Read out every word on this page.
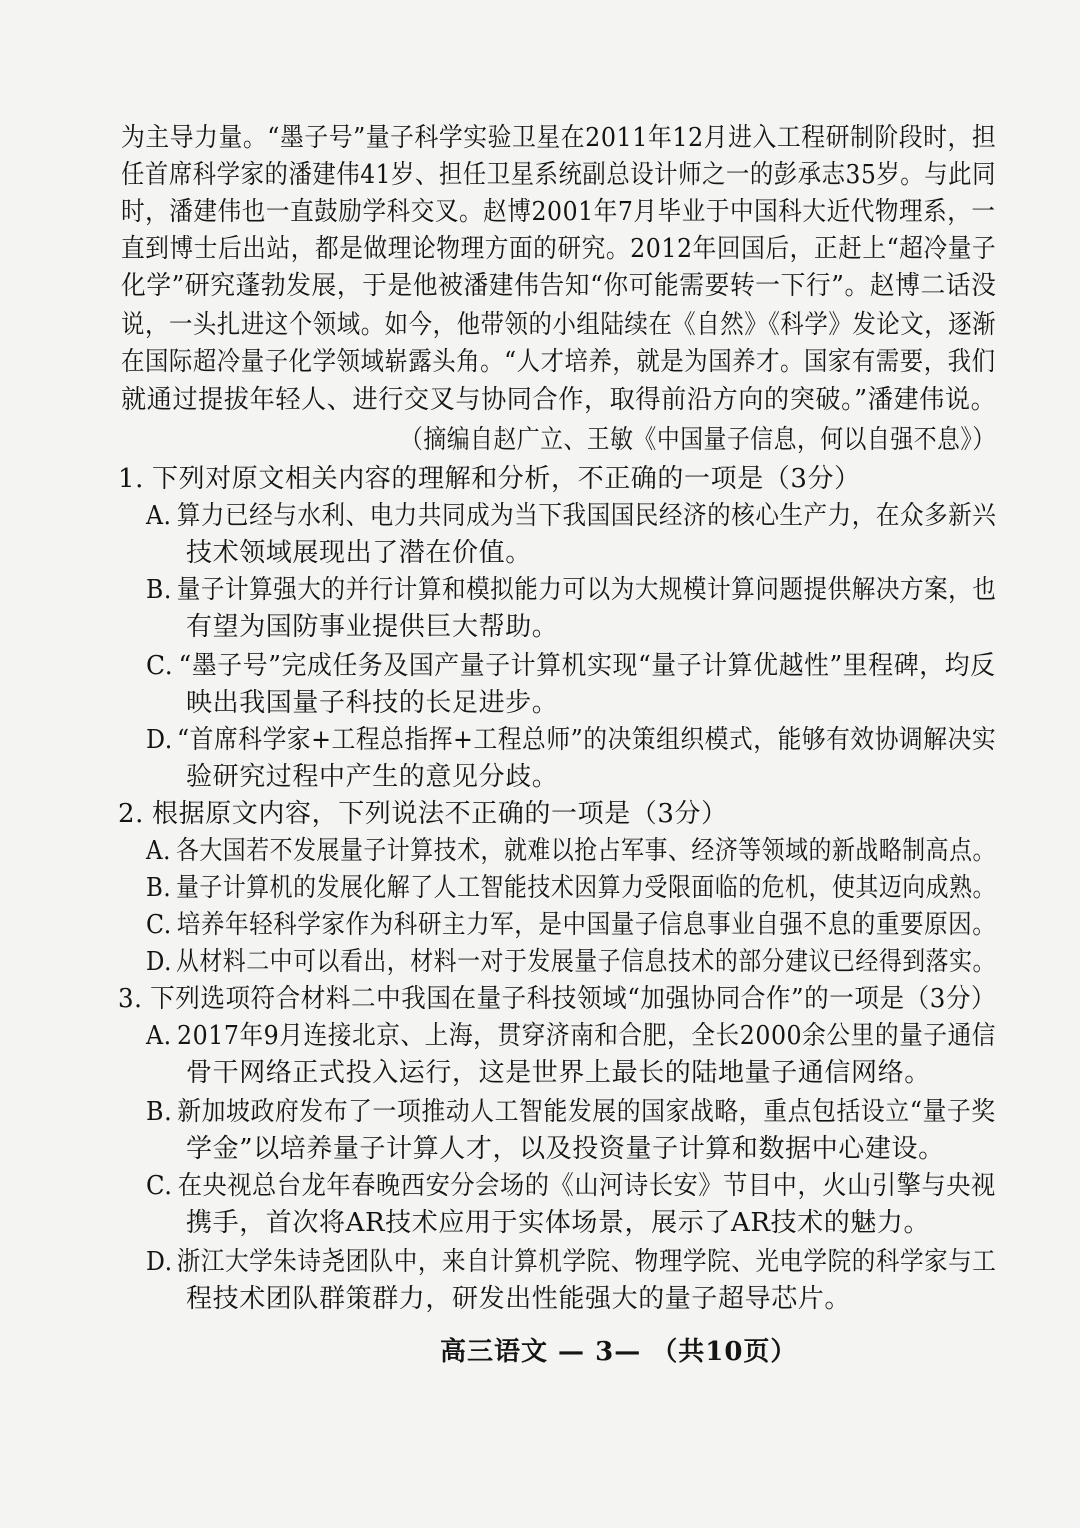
为主导力量。“墨子号”量子科学实验卫星在2011年12月进入工程研制阶段时，担

任首席科学家的潘建伟41岁、担任卫星系统副总设计师之一的彭承志35岁。与此同

时，潘建伟也一直鼓励学科交叉。赵博2001年7月毕业于中国科大近代物理系，一

直到博士后出站，都是做理论物理方面的研究。2012年回国后，正赶上“超冷量子

化学”研究蓬勃发展，于是他被潘建伟告知“你可能需要转一下行”。赵博二话没

说，一头扎进这个领域。如今，他带领的小组陆续在《自然》《科学》发论文，逐渐

在国际超冷量子化学领域崭露头角。“人才培养，就是为国养才。国家有需要，我们

就通过提拔年轻人、进行交叉与协同合作，取得前沿方向的突破。”潘建伟说。

（摘编自赵广立、王敏《中国量子信息，何以自强不息》）

1. 下列对原文相关内容的理解和分析，不正确的一项是（3分）

A. 算力已经与水利、电力共同成为当下我国国民经济的核心生产力，在众多新兴

技术领域展现出了潜在价值。

B. 量子计算强大的并行计算和模拟能力可以为大规模计算问题提供解决方案，也

有望为国防事业提供巨大帮助。

C. “墨子号”完成任务及国产量子计算机实现“量子计算优越性”里程碑，均反

映出我国量子科技的长足进步。

D. “首席科学家+工程总指挥+工程总师”的决策组织模式，能够有效协调解决实

验研究过程中产生的意见分歧。

2. 根据原文内容，下列说法不正确的一项是（3分）

A. 各大国若不发展量子计算技术，就难以抢占军事、经济等领域的新战略制高点。

B. 量子计算机的发展化解了人工智能技术因算力受限面临的危机，使其迈向成熟。

C. 培养年轻科学家作为科研主力军，是中国量子信息事业自强不息的重要原因。

D. 从材料二中可以看出，材料一对于发展量子信息技术的部分建议已经得到落实。

3. 下列选项符合材料二中我国在量子科技领域“加强协同合作”的一项是（3分）

A. 2017年9月连接北京、上海，贯穿济南和合肥，全长2000余公里的量子通信

骨干网络正式投入运行，这是世界上最长的陆地量子通信网络。

B. 新加坡政府发布了一项推动人工智能发展的国家战略，重点包括设立“量子奖

学金”以培养量子计算人才，以及投资量子计算和数据中心建设。

C. 在央视总台龙年春晚西安分会场的《山河诗长安》节目中，火山引擎与央视

携手，首次将AR技术应用于实体场景，展示了AR技术的魅力。

D. 浙江大学朱诗尧团队中，来自计算机学院、物理学院、光电学院的科学家与工

程技术团队群策群力，研发出性能强大的量子超导芯片。

高三语文 — 3— （共10页）
